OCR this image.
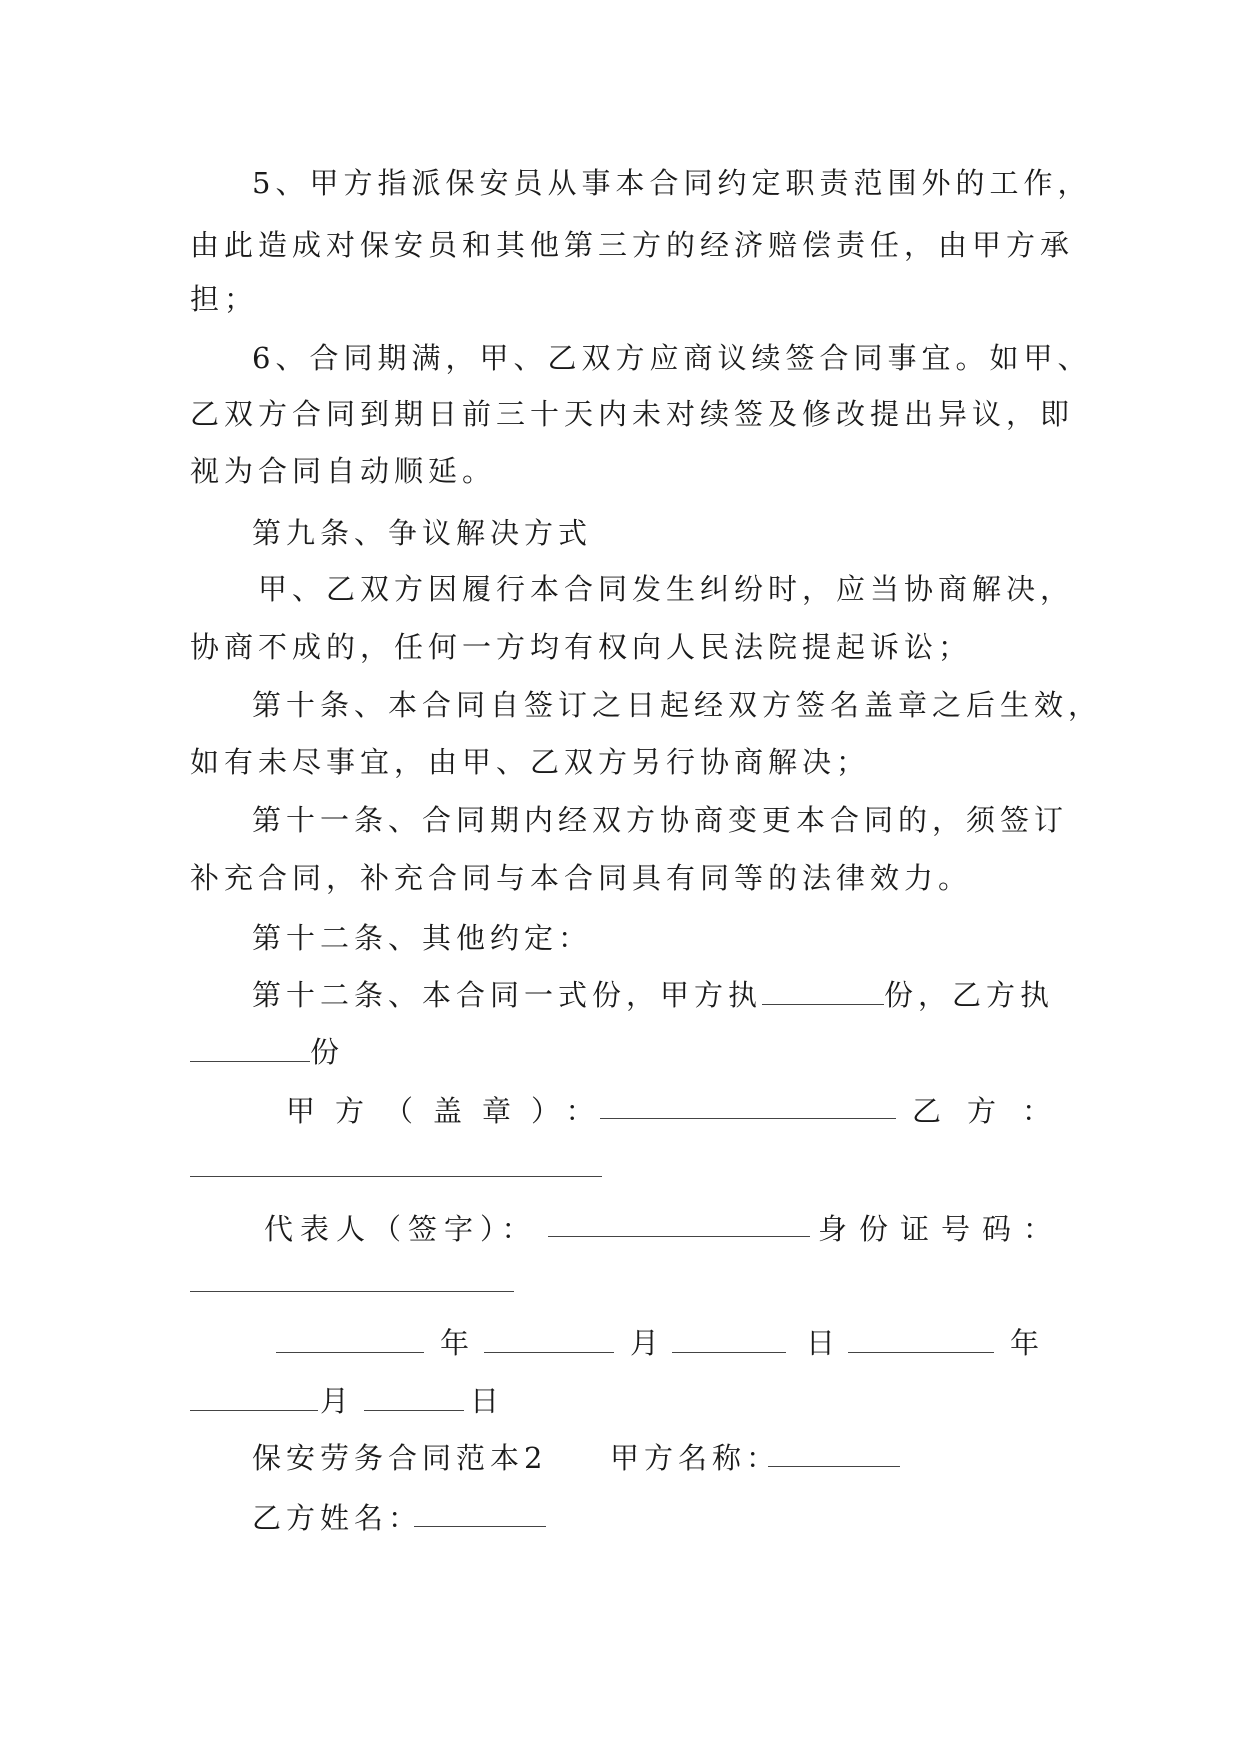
5、甲方指派保安员从事本合同约定职责范围外的工作，

由此造成对保安员和其他第三方的经济赔偿责任，由甲方承

担；

6、合同期满，甲、乙双方应商议续签合同事宜。如甲、

乙双方合同到期日前三十天内未对续签及修改提出异议，即

视为合同自动顺延。

第九条、争议解决方式

甲、乙双方因履行本合同发生纠纷时，应当协商解决，

协商不成的，任何一方均有权向人民法院提起诉讼；

第十条、本合同自签订之日起经双方签名盖章之后生效，

如有未尽事宜，由甲、乙双方另行协商解决；

第十一条、合同期内经双方协商变更本合同的，须签订

补充合同，补充合同与本合同具有同等的法律效力。

第十二条、其他约定：

第十二条、本合同一式份，甲方执	份，乙方执

份

甲方（盖章）：	乙方：

代表人（签字）：	身份证号码：

年	月	日	年

月	日

保安劳务合同范本2 甲方名称：

乙方姓名：
